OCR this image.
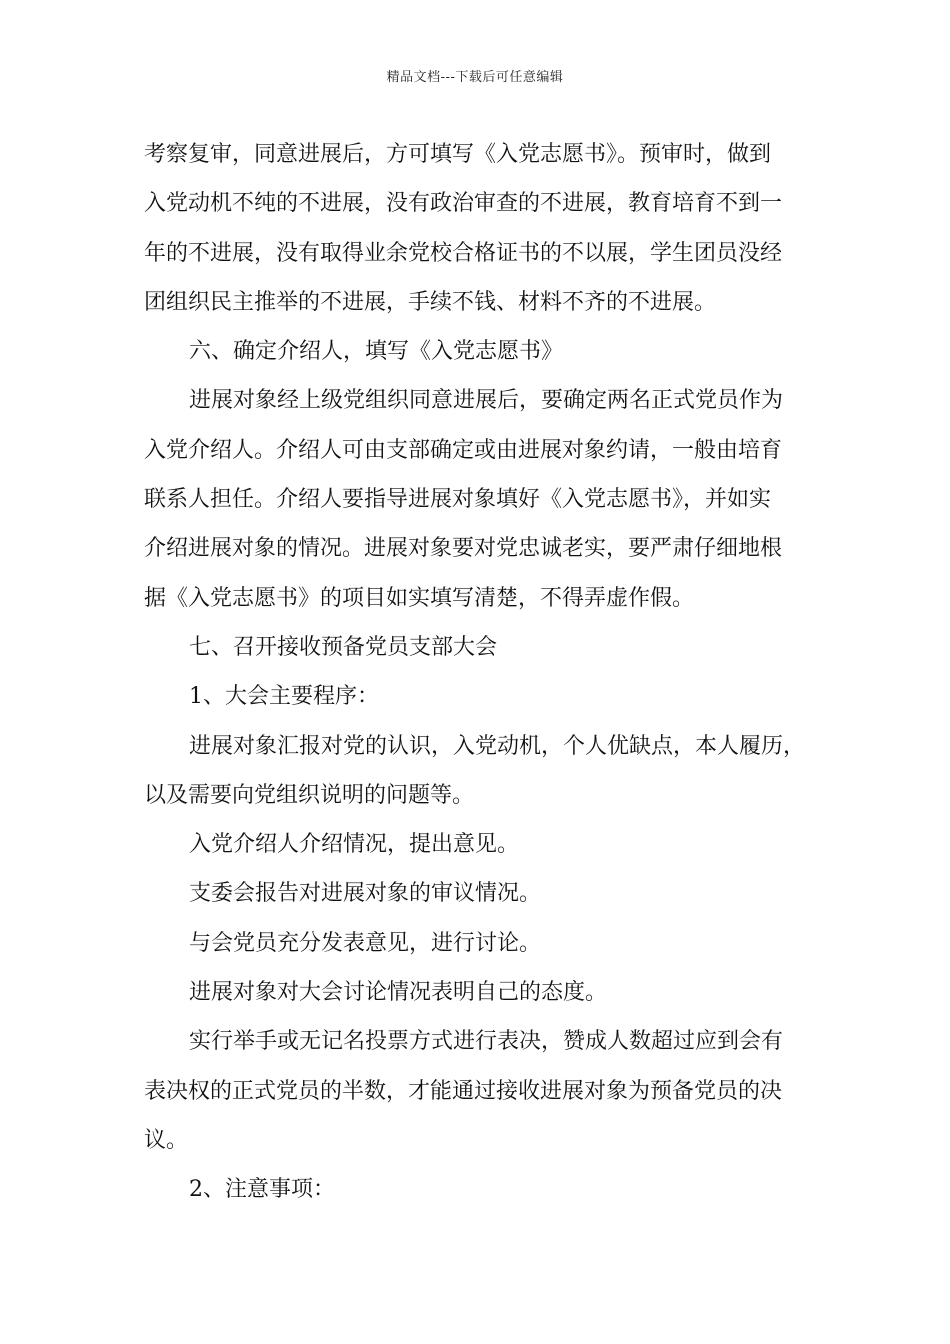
精品文档---下载后可任意编辑
考察复审，同意进展后，方可填写《入党志愿书》。预审时，做到
入党动机不纯的不进展，没有政治审查的不进展，教育培育不到一
年的不进展，没有取得业余党校合格证书的不以展，学生团员没经
团组织民主推举的不进展，手续不钱、材料不齐的不进展。
六、确定介绍人，填写《入党志愿书》
进展对象经上级党组织同意进展后，要确定两名正式党员作为
入党介绍人。介绍人可由支部确定或由进展对象约请，一般由培育
联系人担任。介绍人要指导进展对象填好《入党志愿书》，并如实
介绍进展对象的情况。进展对象要对党忠诚老实，要严肃仔细地根
据《入党志愿书》的项目如实填写清楚，不得弄虚作假。
七、召开接收预备党员支部大会
1、大会主要程序：
进展对象汇报对党的认识，入党动机，个人优缺点，本人履历，
以及需要向党组织说明的问题等。
入党介绍人介绍情况，提出意见。
支委会报告对进展对象的审议情况。
与会党员充分发表意见，进行讨论。
进展对象对大会讨论情况表明自己的态度。
实行举手或无记名投票方式进行表决，赞成人数超过应到会有
表决权的正式党员的半数，才能通过接收进展对象为预备党员的决
议。
2、注意事项：
